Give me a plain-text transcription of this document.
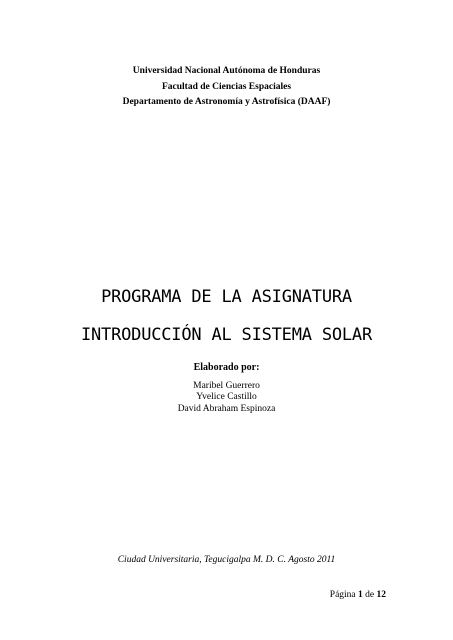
Universidad Nacional Autónoma de Honduras
Facultad de Ciencias Espaciales
Departamento de Astronomía y Astrofísica (DAAF)
PROGRAMA DE LA ASIGNATURA
INTRODUCCIÓN AL SISTEMA SOLAR
Elaborado por:
Maribel Guerrero
Yvelice Castillo
David Abraham Espinoza
Ciudad Universitaria, Tegucigalpa M. D. C. Agosto 2011
Página 1 de 12
